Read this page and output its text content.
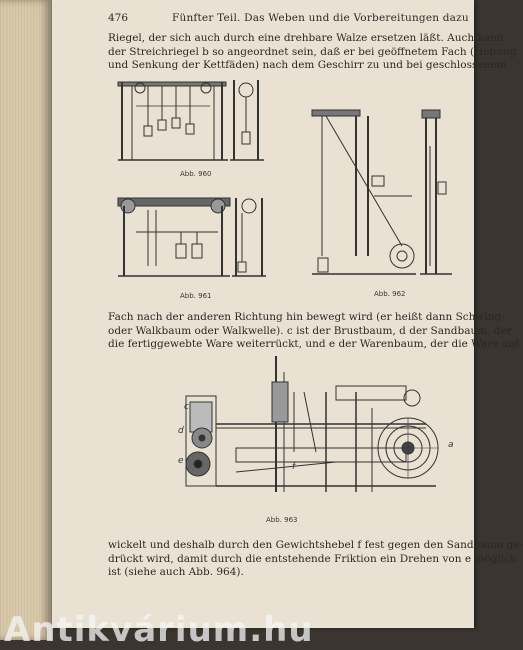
476	Fünfter Teil. Das Weben und die Vorbereitungen dazu
Riegel, der sich auch durch eine drehbare Walze ersetzen läßt. Auch kann
der Streichriegel b so angeordnet sein, daß er bei geöffnetem Fach (Hebung
und Senkung der Kettfäden) nach dem Geschirr zu und bei geschlossenem
Abb. 960
Abb. 961	Abb. 962
Fach nach der anderen Richtung hin bewegt wird (er heißt dann Schwing-
oder Walkbaum oder Walkwelle). c ist der Brustbaum, d der Sandbaum, der
die fertiggewebte Ware weiterrückt, und e der Warenbaum, der die Ware auf-
c
d
e
f
a
Abb. 963
wickelt und deshalb durch den Gewichtshebel f fest gegen den Sandbaum ge-
drückt wird, damit durch die entstehende Friktion ein Drehen von e möglich
ist (siehe auch Abb. 964).
Antikvárium.hu
